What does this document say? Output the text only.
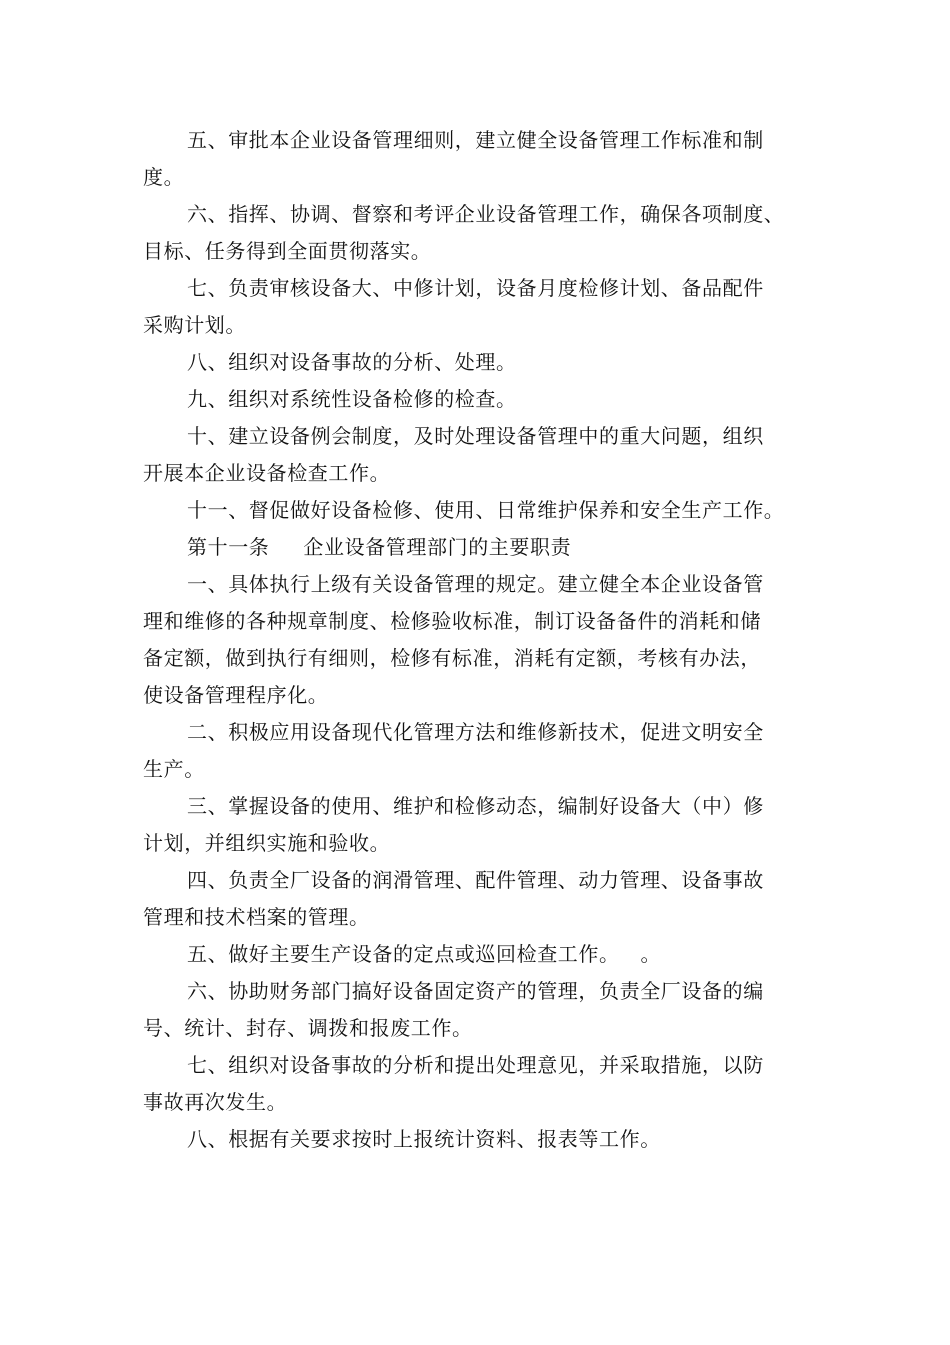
五、审批本企业设备管理细则，建立健全设备管理工作标准和制
度。
六、指挥、协调、督察和考评企业设备管理工作，确保各项制度、
目标、任务得到全面贯彻落实。
七、负责审核设备大、中修计划，设备月度检修计划、备品配件
采购计划。
八、组织对设备事故的分析、处理。
九、组织对系统性设备检修的检查。
十、建立设备例会制度，及时处理设备管理中的重大问题，组织
开展本企业设备检查工作。
十一、督促做好设备检修、使用、日常维护保养和安全生产工作。
第十一条 企业设备管理部门的主要职责
一、具体执行上级有关设备管理的规定。建立健全本企业设备管
理和维修的各种规章制度、检修验收标准，制订设备备件的消耗和储
备定额，做到执行有细则，检修有标准，消耗有定额，考核有办法，
使设备管理程序化。
二、积极应用设备现代化管理方法和维修新技术，促进文明安全
生产。
三、掌握设备的使用、维护和检修动态，编制好设备大（中）修
计划，并组织实施和验收。
四、负责全厂设备的润滑管理、配件管理、动力管理、设备事故
管理和技术档案的管理。
五、做好主要生产设备的定点或巡回检查工作。   。
六、协助财务部门搞好设备固定资产的管理，负责全厂设备的编
号、统计、封存、调拨和报废工作。
七、组织对设备事故的分析和提出处理意见，并采取措施，以防
事故再次发生。
八、根据有关要求按时上报统计资料、报表等工作。
